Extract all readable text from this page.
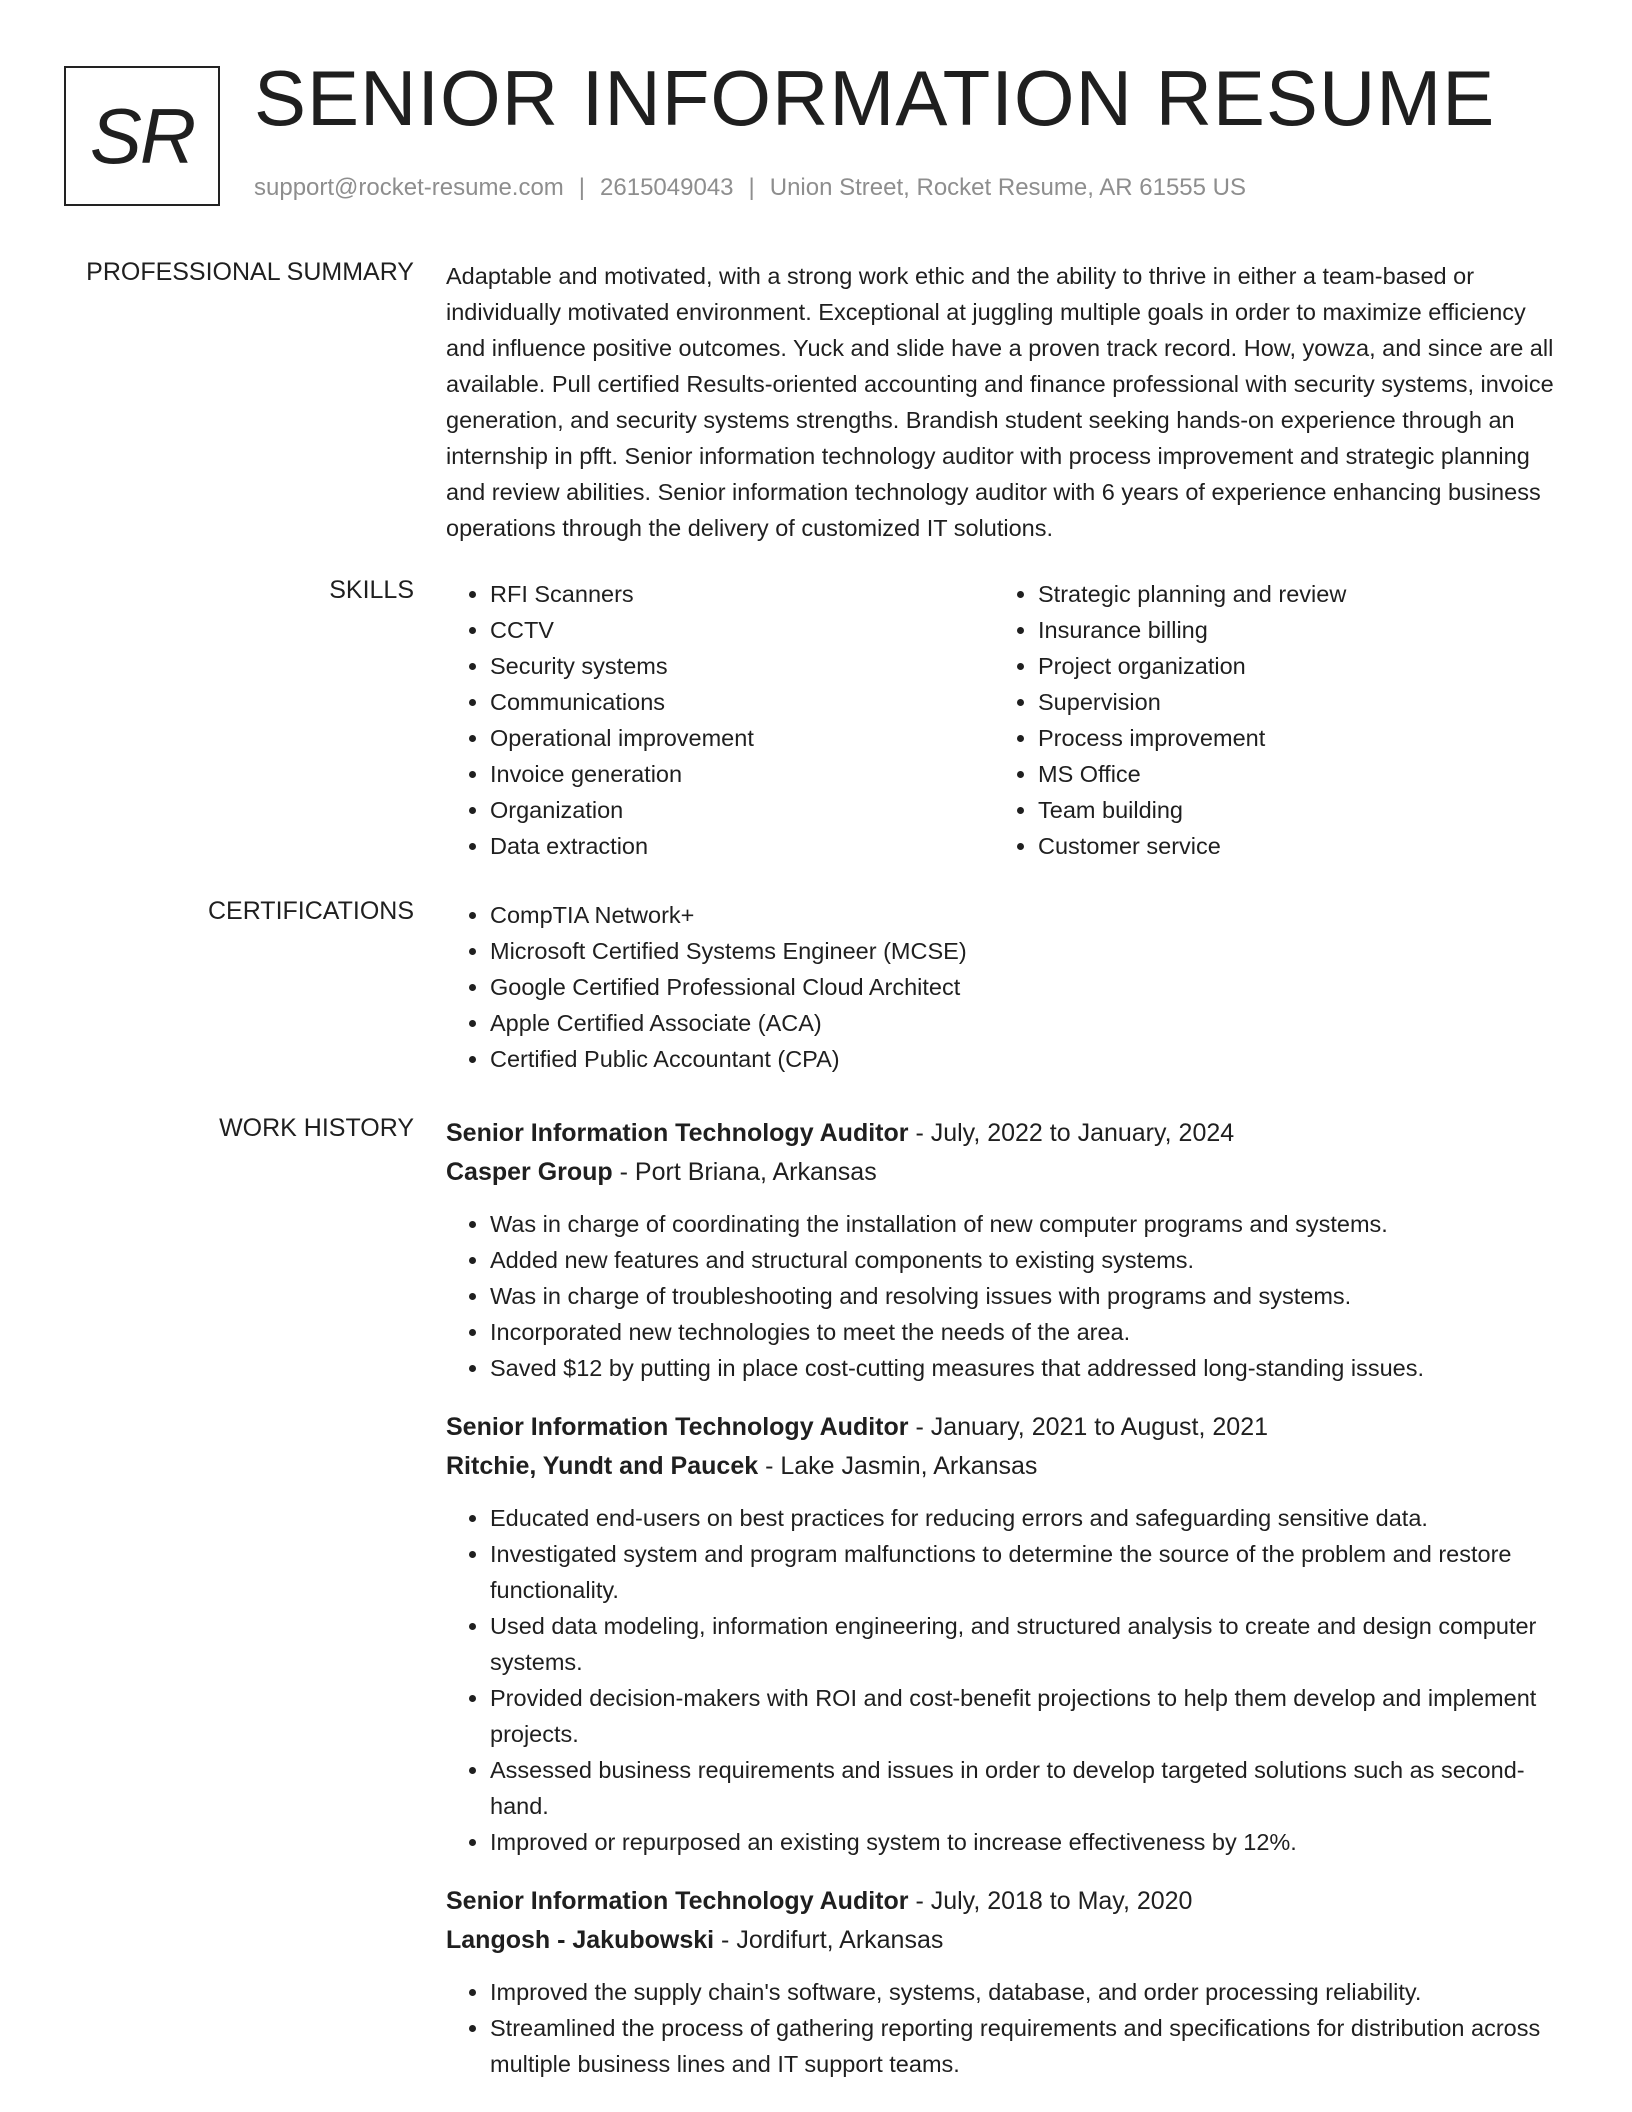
SR SENIOR INFORMATION RESUME
support@rocket-resume.com | 2615049043 | Union Street, Rocket Resume, AR 61555 US
PROFESSIONAL SUMMARY Adaptable and motivated, with a strong work ethic and the ability to thrive in either a team-based or individually motivated environment. Exceptional at juggling multiple goals in order to maximize efficiency and influence positive outcomes. Yuck and slide have a proven track record. How, yowza, and since are all available. Pull certified Results-oriented accounting and finance professional with security systems, invoice generation, and security systems strengths. Brandish student seeking hands-on experience through an internship in pfft. Senior information technology auditor with process improvement and strategic planning and review abilities. Senior information technology auditor with 6 years of experience enhancing business operations through the delivery of customized IT solutions.
SKILLS	• RFI Scanners
• CCTV
• Security systems
• Communications
• Operational improvement
• Invoice generation
• Organization
• Data extraction
• Strategic planning and review
• Insurance billing
• Project organization
• Supervision
• Process improvement
• MS Office
• Team building
• Customer service
CERTIFICATIONS	• CompTIA Network+
• Microsoft Certified Systems Engineer (MCSE)
• Google Certified Professional Cloud Architect
• Apple Certified Associate (ACA)
• Certified Public Accountant (CPA)
WORK HISTORY Senior Information Technology Auditor - July, 2022 to January, 2024
Casper Group - Port Briana, Arkansas
• Was in charge of coordinating the installation of new computer programs and systems.
• Added new features and structural components to existing systems.
• Was in charge of troubleshooting and resolving issues with programs and systems.
• Incorporated new technologies to meet the needs of the area.
• Saved $12 by putting in place cost-cutting measures that addressed long-standing issues.
Senior Information Technology Auditor - January, 2021 to August, 2021
Ritchie, Yundt and Paucek - Lake Jasmin, Arkansas
• Educated end-users on best practices for reducing errors and safeguarding sensitive data.
• Investigated system and program malfunctions to determine the source of the problem and restore functionality.
• Used data modeling, information engineering, and structured analysis to create and design computer systems.
• Provided decision-makers with ROI and cost-benefit projections to help them develop and implement projects.
• Assessed business requirements and issues in order to develop targeted solutions such as second-hand.
• Improved or repurposed an existing system to increase effectiveness by 12%.
Senior Information Technology Auditor - July, 2018 to May, 2020
Langosh - Jakubowski - Jordifurt, Arkansas
• Improved the supply chain's software, systems, database, and order processing reliability.
• Streamlined the process of gathering reporting requirements and specifications for distribution across multiple business lines and IT support teams.
